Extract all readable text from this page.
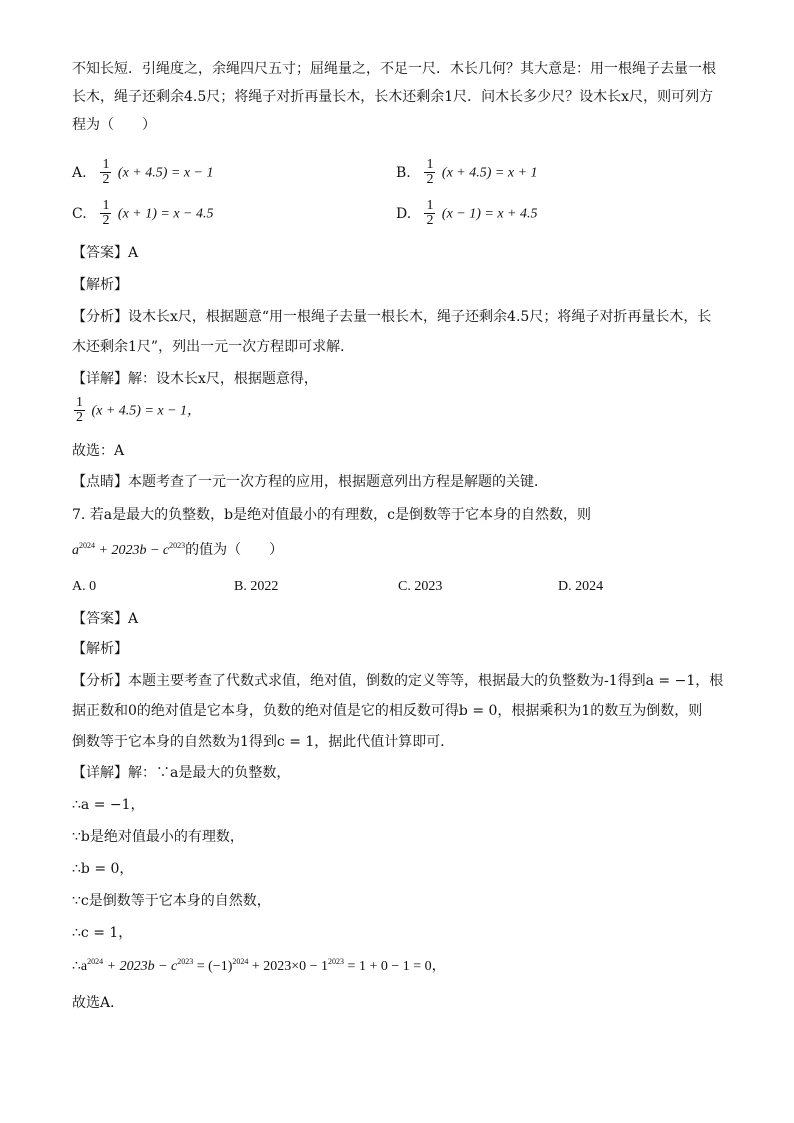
不知长短．引绳度之，余绳四尺五寸；屈绳量之，不足一尺．木长几何？其大意是：用一根绳子去量一根
长木，绳子还剩余4.5尺；将绳子对折再量长木，长木还剩余1尺．问木长多少尺？设木长x尺，则可列方
程为（　　）
A. $\frac{1}{2} (x + 4.5) = x - 1$	B. $\frac{1}{2} (x + 4.5) = x + 1$
C. $\frac{1}{2} (x + 1) = x - 4.5$	D. $\frac{1}{2} (x - 1) = x + 4.5$
【答案】A
【解析】
【分析】设木长x尺，根据题意“用一根绳子去量一根长木，绳子还剩余4.5尺；将绳子对折再量长木，长
木还剩余1尺”，列出一元一次方程即可求解．
【详解】解：设木长x尺，根据题意得，
$\frac{1}{2} (x + 4.5) = x - 1$，
故选：A
【点睛】本题考查了一元一次方程的应用，根据题意列出方程是解题的关键．
7. 若a是最大的负整数，b是绝对值最小的有理数，c是倒数等于它本身的自然数，则
$a^{2024} + 2023b - c^{2023}$的值为（　　）
A. 0	B. 2022	C. 2023	D. 2024
【答案】A
【解析】
【分析】本题主要考查了代数式求值，绝对值，倒数的定义等等，根据最大的负整数为-1得到a = −1，根
据正数和0的绝对值是它本身，负数的绝对值是它的相反数可得b = 0，根据乘积为1的数互为倒数，则
倒数等于它本身的自然数为1得到c = 1，据此代值计算即可．
【详解】解：∵a是最大的负整数，
∴a = −1，
∵b是绝对值最小的有理数，
∴b = 0，
∵c是倒数等于它本身的自然数，
∴c = 1，
$\therefore a^{2024} + 2023b - c^{2023} = (-1)^{2024} + 2023\times 0 - 1^{2023} = 1 + 0 - 1 = 0$，
故选A．
